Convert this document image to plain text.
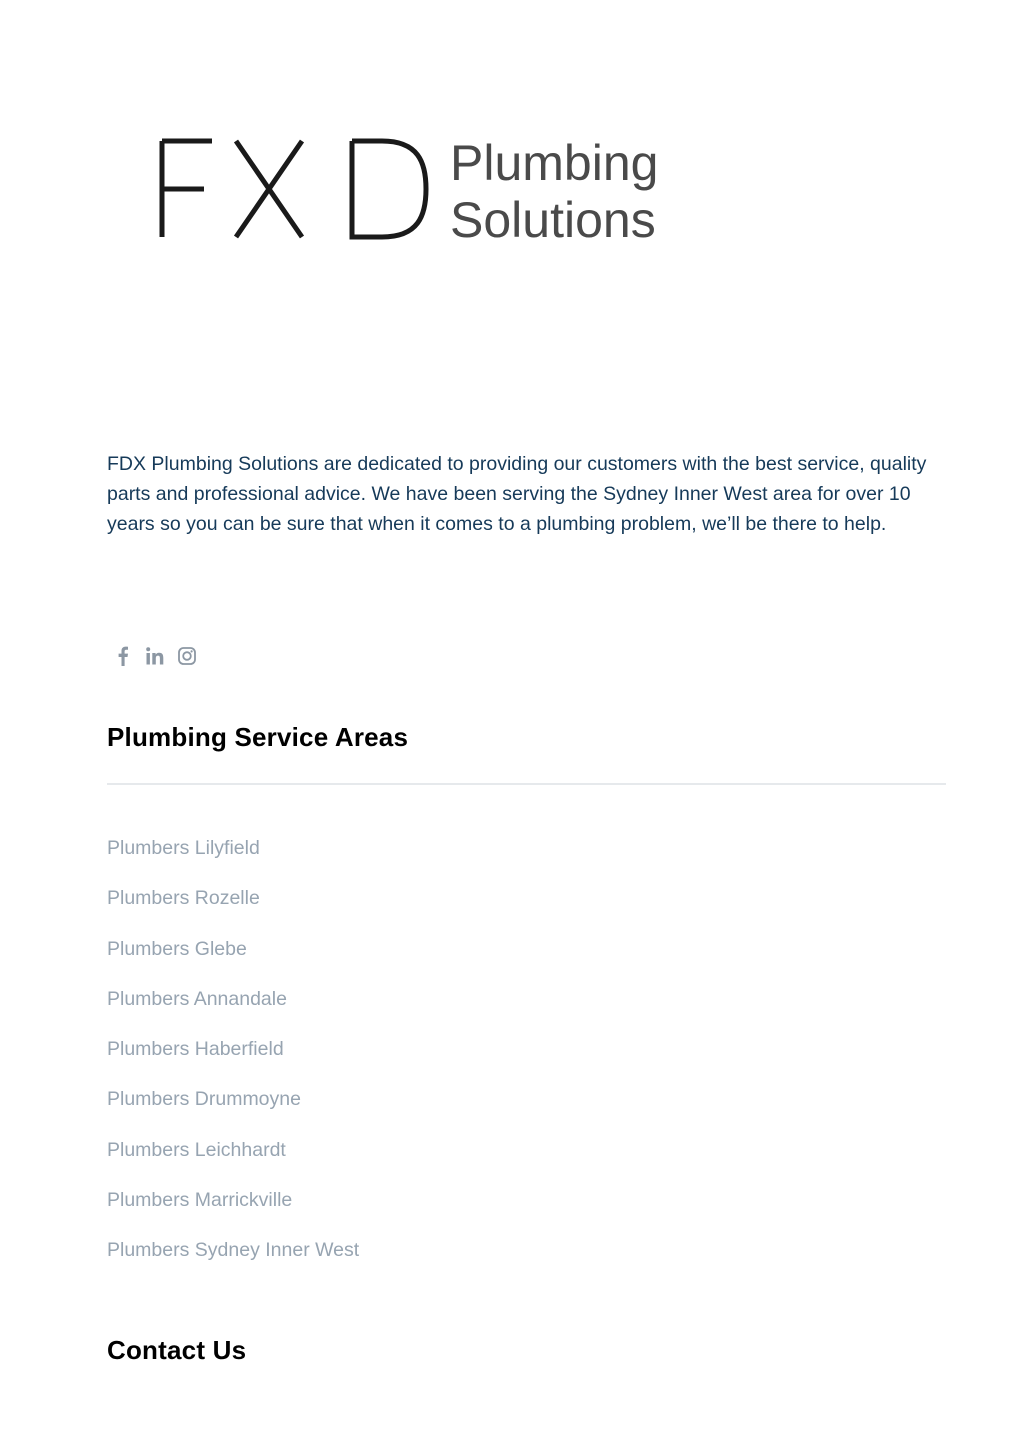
Plumbing
Solutions

FDX Plumbing Solutions are dedicated to providing our customers with the best service, quality parts and professional advice. We have been serving the Sydney Inner West area for over 10 years so you can be sure that when it comes to a plumbing problem, we’ll be there to help.

Plumbing Service Areas
Plumbers Lilyfield
Plumbers Rozelle
Plumbers Glebe
Plumbers Annandale
Plumbers Haberfield
Plumbers Drummoyne
Plumbers Leichhardt
Plumbers Marrickville
Plumbers Sydney Inner West
Contact Us
